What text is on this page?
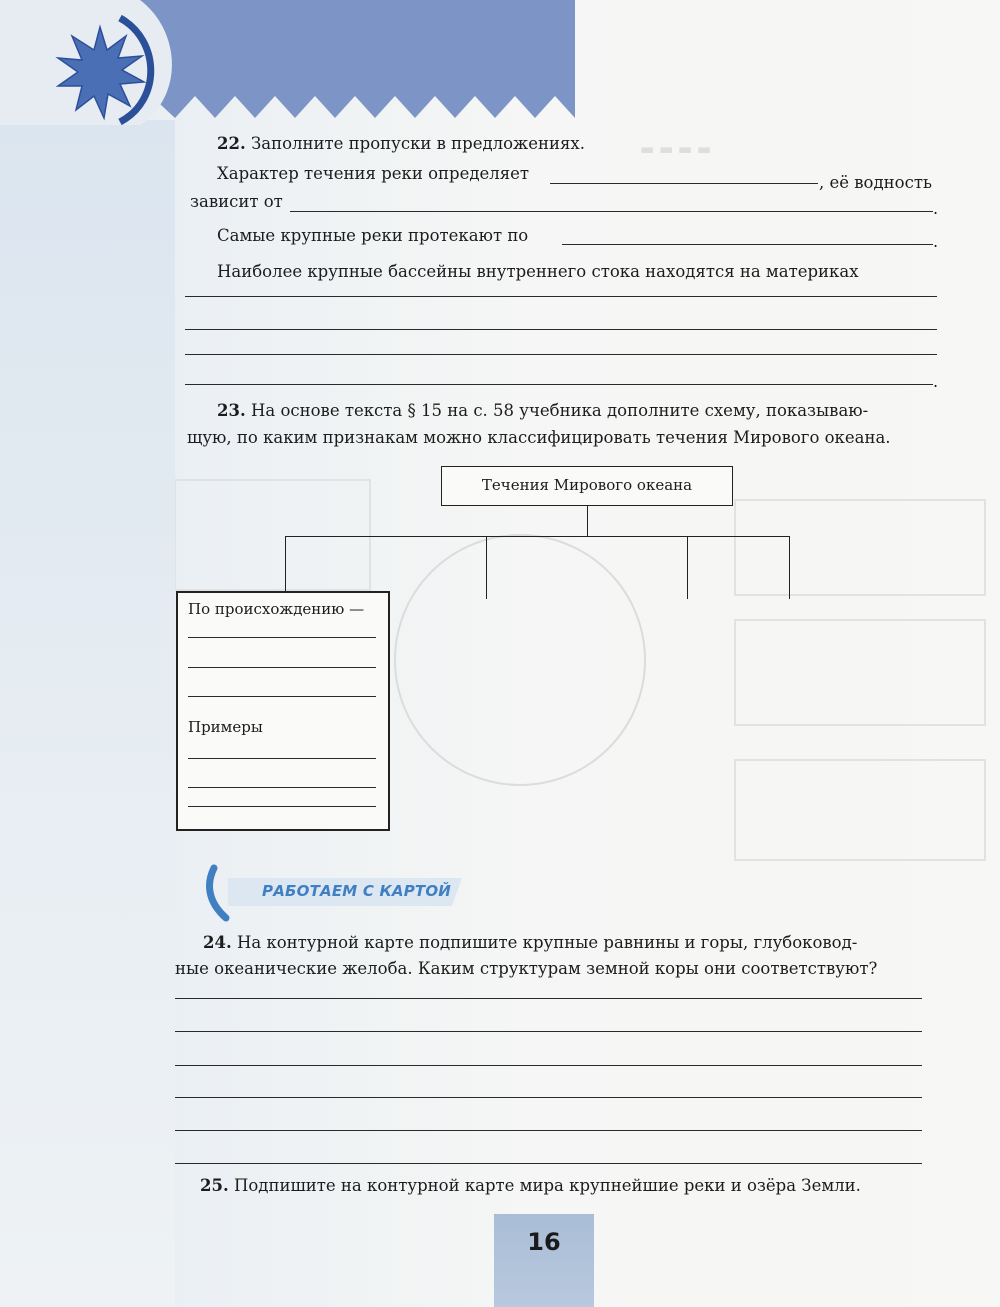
▬ ▬ ▬ ▬
22. Заполните пропуски в предложениях.
Характер течения реки определяет	, её водность
зависит от	.
Самые крупные реки протекают по	.
Наиболее крупные бассейны внутреннего стока находятся на материках
.
23. На основе текста § 15 на с. 58 учебника дополните схему, показываю-
щую, по каким признакам можно классифицировать течения Мирового океана.
Течения Мирового океана
По происхождению —
Примеры
РАБОТАЕМ С КАРТОЙ
24. На контурной карте подпишите крупные равнины и горы, глубоковод-
ные океанические желоба. Каким структурам земной коры они соответствуют?
25. Подпишите на контурной карте мира крупнейшие реки и озёра Земли.
16
